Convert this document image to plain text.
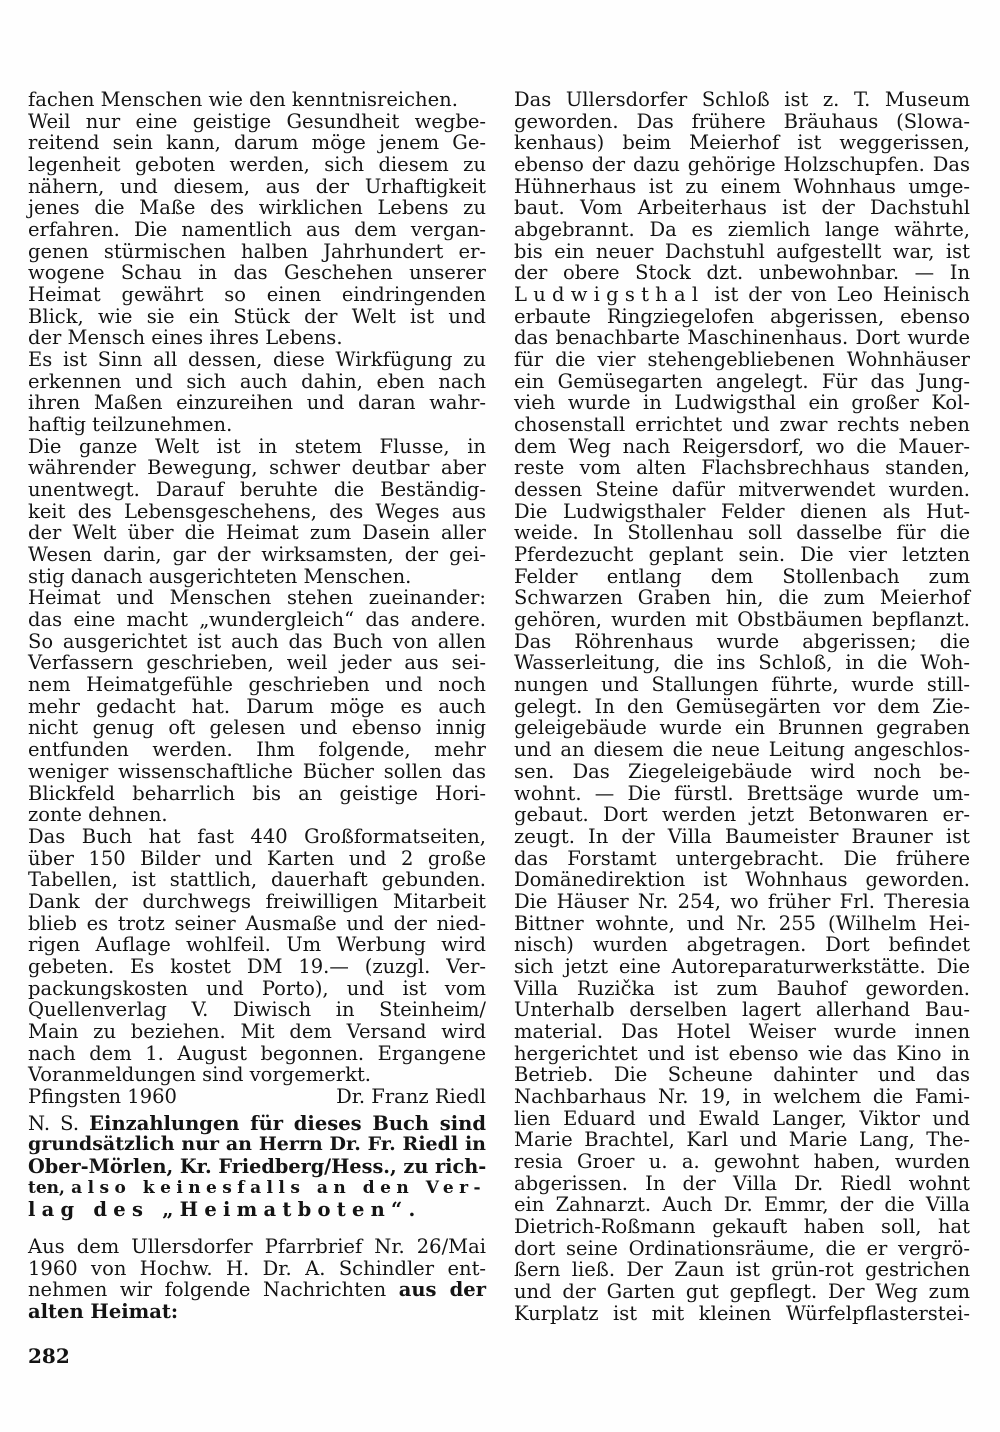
fachen Menschen wie den kenntnisreichen.
Weil nur eine geistige Gesundheit wegbe-
reitend sein kann, darum möge jenem Ge-
legenheit geboten werden, sich diesem zu
nähern, und diesem, aus der Urhaftigkeit
jenes die Maße des wirklichen Lebens zu
erfahren. Die namentlich aus dem vergan-
genen stürmischen halben Jahrhundert er-
wogene Schau in das Geschehen unserer
Heimat gewährt so einen eindringenden
Blick, wie sie ein Stück der Welt ist und
der Mensch eines ihres Lebens.
Es ist Sinn all dessen, diese Wirkfügung zu
erkennen und sich auch dahin, eben nach
ihren Maßen einzureihen und daran wahr-
haftig teilzunehmen.
Die ganze Welt ist in stetem Flusse, in
währender Bewegung, schwer deutbar aber
unentwegt. Darauf beruhte die Beständig-
keit des Lebensgeschehens, des Weges aus
der Welt über die Heimat zum Dasein aller
Wesen darin, gar der wirksamsten, der gei-
stig danach ausgerichteten Menschen.
Heimat und Menschen stehen zueinander:
das eine macht „wundergleich“ das andere.
So ausgerichtet ist auch das Buch von allen
Verfassern geschrieben, weil jeder aus sei-
nem Heimatgefühle geschrieben und noch
mehr gedacht hat. Darum möge es auch
nicht genug oft gelesen und ebenso innig
entfunden werden. Ihm folgende, mehr
weniger wissenschaftliche Bücher sollen das
Blickfeld beharrlich bis an geistige Hori-
zonte dehnen.
Das Buch hat fast 440 Großformatseiten,
über 150 Bilder und Karten und 2 große
Tabellen, ist stattlich, dauerhaft gebunden.
Dank der durchwegs freiwilligen Mitarbeit
blieb es trotz seiner Ausmaße und der nied-
rigen Auflage wohlfeil. Um Werbung wird
gebeten. Es kostet DM 19.— (zuzgl. Ver-
packungskosten und Porto), und ist vom
Quellenverlag V. Diwisch in Steinheim/
Main zu beziehen. Mit dem Versand wird
nach dem 1. August begonnen. Ergangene
Voranmeldungen sind vorgemerkt.
Pfingsten 1960	Dr. Franz Riedl
N. S. Einzahlungen für dieses Buch sind
grundsätzlich nur an Herrn Dr. Fr. Riedl in
Ober-Mörlen, Kr. Friedberg/Hess., zu rich-
ten, also keinesfalls an den Ver-
lag des „Heimatboten“.
Aus dem Ullersdorfer Pfarrbrief Nr. 26/Mai
1960 von Hochw. H. Dr. A. Schindler ent-
nehmen wir folgende Nachrichten aus der
alten Heimat:
Das Ullersdorfer Schloß ist z. T. Museum
geworden. Das frühere Bräuhaus (Slowa-
kenhaus) beim Meierhof ist weggerissen,
ebenso der dazu gehörige Holzschupfen. Das
Hühnerhaus ist zu einem Wohnhaus umge-
baut. Vom Arbeiterhaus ist der Dachstuhl
abgebrannt. Da es ziemlich lange währte,
bis ein neuer Dachstuhl aufgestellt war, ist
der obere Stock dzt. unbewohnbar. — In
Ludwigsthal ist der von Leo Heinisch
erbaute Ringziegelofen abgerissen, ebenso
das benachbarte Maschinenhaus. Dort wurde
für die vier stehengebliebenen Wohnhäuser
ein Gemüsegarten angelegt. Für das Jung-
vieh wurde in Ludwigsthal ein großer Kol-
chosenstall errichtet und zwar rechts neben
dem Weg nach Reigersdorf, wo die Mauer-
reste vom alten Flachsbrechhaus standen,
dessen Steine dafür mitverwendet wurden.
Die Ludwigsthaler Felder dienen als Hut-
weide. In Stollenhau soll dasselbe für die
Pferdezucht geplant sein. Die vier letzten
Felder entlang dem Stollenbach zum
Schwarzen Graben hin, die zum Meierhof
gehören, wurden mit Obstbäumen bepflanzt.
Das Röhrenhaus wurde abgerissen; die
Wasserleitung, die ins Schloß, in die Woh-
nungen und Stallungen führte, wurde still-
gelegt. In den Gemüsegärten vor dem Zie-
geleigebäude wurde ein Brunnen gegraben
und an diesem die neue Leitung angeschlos-
sen. Das Ziegeleigebäude wird noch be-
wohnt. — Die fürstl. Brettsäge wurde um-
gebaut. Dort werden jetzt Betonwaren er-
zeugt. In der Villa Baumeister Brauner ist
das Forstamt untergebracht. Die frühere
Domänedirektion ist Wohnhaus geworden.
Die Häuser Nr. 254, wo früher Frl. Theresia
Bittner wohnte, und Nr. 255 (Wilhelm Hei-
nisch) wurden abgetragen. Dort befindet
sich jetzt eine Autoreparaturwerkstätte. Die
Villa Ruzička ist zum Bauhof geworden.
Unterhalb derselben lagert allerhand Bau-
material. Das Hotel Weiser wurde innen
hergerichtet und ist ebenso wie das Kino in
Betrieb. Die Scheune dahinter und das
Nachbarhaus Nr. 19, in welchem die Fami-
lien Eduard und Ewald Langer, Viktor und
Marie Brachtel, Karl und Marie Lang, The-
resia Groer u. a. gewohnt haben, wurden
abgerissen. In der Villa Dr. Riedl wohnt
ein Zahnarzt. Auch Dr. Emmr, der die Villa
Dietrich-Roßmann gekauft haben soll, hat
dort seine Ordinationsräume, die er vergrö-
ßern ließ. Der Zaun ist grün-rot gestrichen
und der Garten gut gepflegt. Der Weg zum
Kurplatz ist mit kleinen Würfelpflasterstei-
282
